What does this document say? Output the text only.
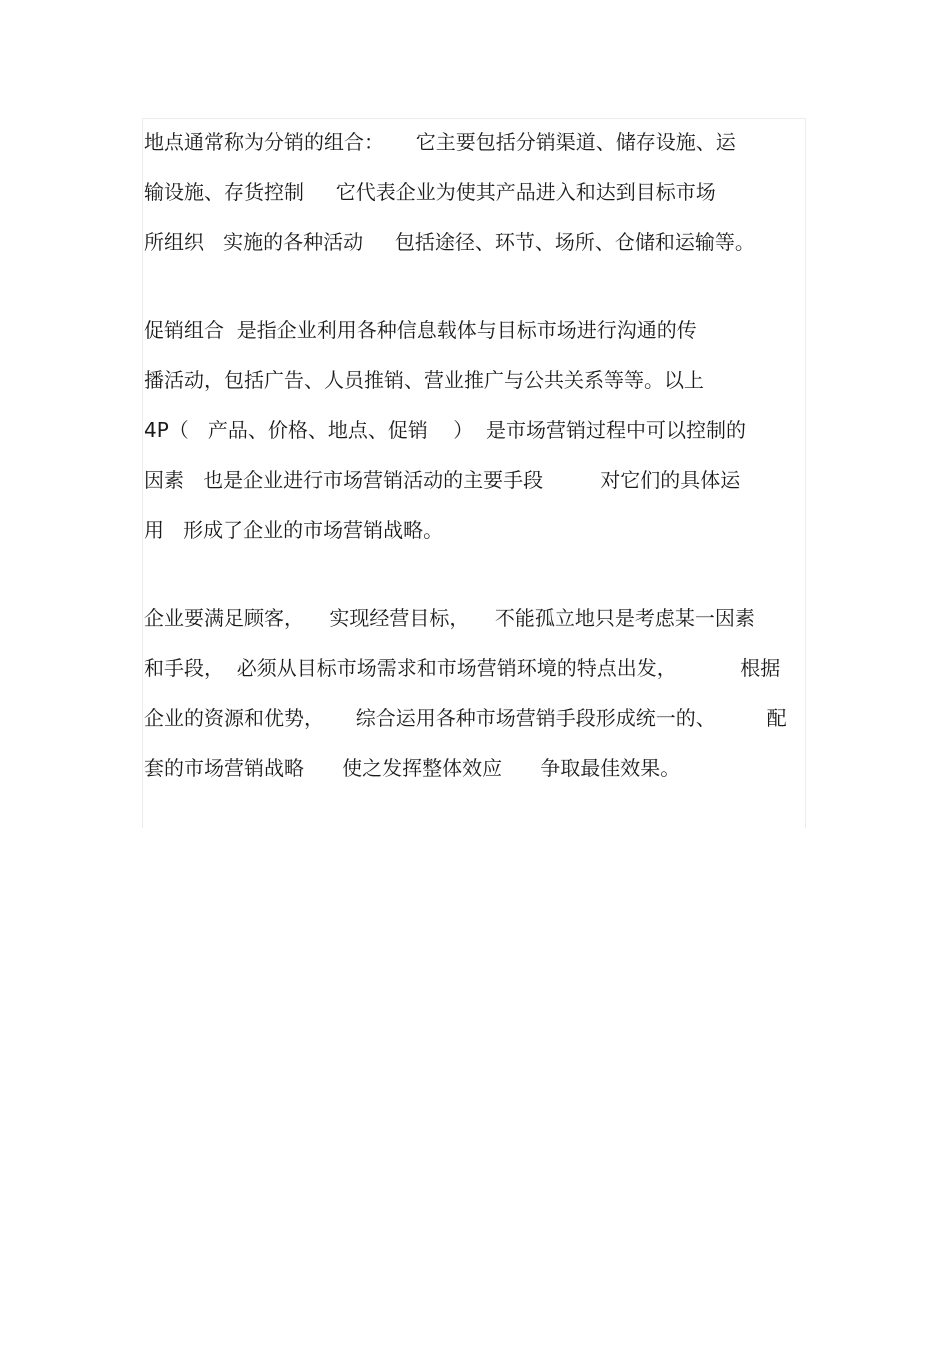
地点通常称为分销的组合：     它主要包括分销渠道、储存设施、运
输设施、存货控制     它代表企业为使其产品进入和达到目标市场
所组织   实施的各种活动     包括途径、环节、场所、仓储和运输等。
促销组合  是指企业利用各种信息载体与目标市场进行沟通的传
播活动，包括广告、人员推销、营业推广与公共关系等等。以上
4P（   产品、价格、地点、促销    ）  是市场营销过程中可以控制的
因素   也是企业进行市场营销活动的主要手段         对它们的具体运
用   形成了企业的市场营销战略。
企业要满足顾客，    实现经营目标，    不能孤立地只是考虑某一因素
和手段，  必须从目标市场需求和市场营销环境的特点出发，          根据
企业的资源和优势，     综合运用各种市场营销手段形成统一的、        配
套的市场营销战略      使之发挥整体效应      争取最佳效果。
